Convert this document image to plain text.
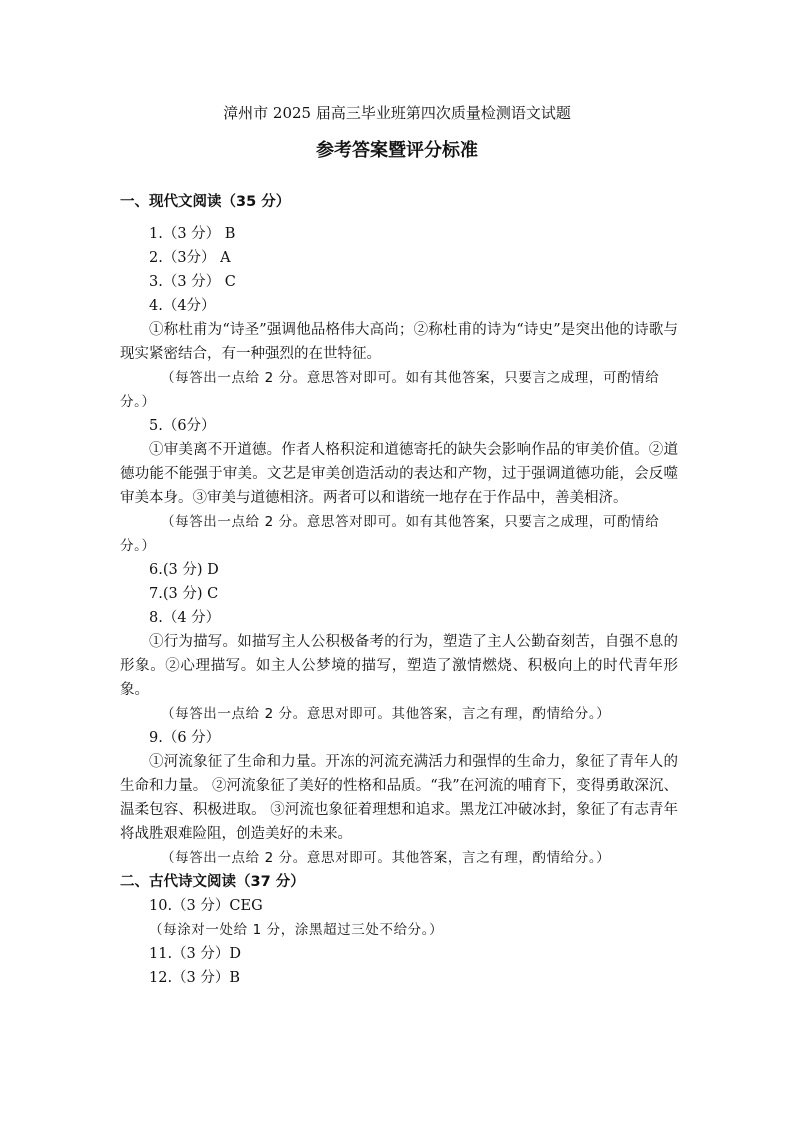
漳州市 2025 届高三毕业班第四次质量检测语文试题
参考答案暨评分标准

一、现代文阅读（35 分）

1.（3 分） B

2.（3分） A

3.（3 分） C

4.（4分）

①称杜甫为“诗圣”强调他品格伟大高尚；②称杜甫的诗为“诗史”是突出他的诗歌与现实紧密结合，有一种强烈的在世特征。

（每答出一点给 2 分。意思答对即可。如有其他答案，只要言之成理，可酌情给分。）

5.（6分）

①审美离不开道德。作者人格积淀和道德寄托的缺失会影响作品的审美价值。②道德功能不能强于审美。文艺是审美创造活动的表达和产物，过于强调道德功能，会反噬审美本身。③审美与道德相济。两者可以和谐统一地存在于作品中，善美相济。

（每答出一点给 2 分。意思答对即可。如有其他答案，只要言之成理，可酌情给分。）

6.(3 分) D

7.(3 分) C

8.（4 分）

①行为描写。如描写主人公积极备考的行为，塑造了主人公勤奋刻苦，自强不息的形象。②心理描写。如主人公梦境的描写，塑造了激情燃烧、积极向上的时代青年形象。

（每答出一点给 2 分。意思对即可。其他答案，言之有理，酌情给分。）

9.（6 分）

①河流象征了生命和力量。开冻的河流充满活力和强悍的生命力，象征了青年人的生命和力量。 ②河流象征了美好的性格和品质。“我”在河流的哺育下，变得勇敢深沉、温柔包容、积极进取。 ③河流也象征着理想和追求。黑龙江冲破冰封，象征了有志青年将战胜艰难险阻，创造美好的未来。

（每答出一点给 2 分。意思对即可。其他答案，言之有理，酌情给分。）

二、古代诗文阅读（37 分）

10.（3 分）CEG

（每涂对一处给 1 分，涂黑超过三处不给分。）

11.（3 分）D

12.（3 分）B
